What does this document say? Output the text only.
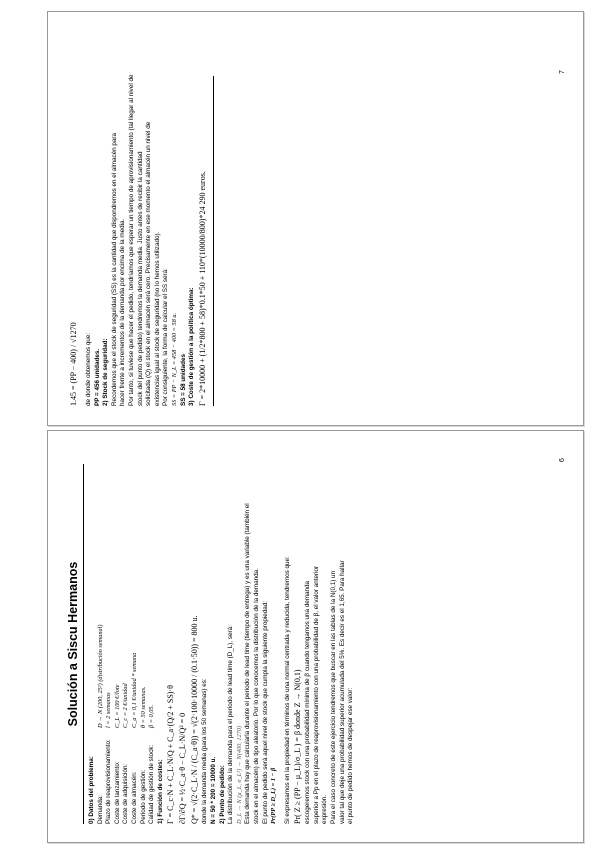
1.45 = (PP − 400) / √1270	de donde obtenemos que: PP = 456 unidades. 2) Stock de seguridad: Recordemos que el stock de seguridad (SS) es la cantidad que dispondremos en el almacén para hacer frente a incrementos de la demanda por encima de la media. Por tanto, si tuviese que hacer el pedido, tendríamos que esperar un tiempo de aprovisionamiento (tal llegar al nivel de stock del punto de pedido) tendremos la demanda media. Justo antes de recibir la cantidad solicitada (Q) el stock en el almacén será cero. Precisamente en ese momento el almacén un nivel de existencias igual al stock de seguridad (no lo hemos utilizado). Por consiguiente, la forma de calcular el SS será: SS = PP − N_L = 458 − 400 = 58 u. SS = 58 unidades 3) Coste de gestión a la política óptima: Γ = 2*10000 + (1/2*800 + 58)*0.1*50 + 110*(10000/800)*24 290 euros.
7
Solución a Siscu Hermanos
0) Datos del problema: Demanda:
D → N (200, 25²) (distribución semanal)
Plazo de reaprovisionamiento:
l = 2 semanas
Coste de lanzamiento:
C_L = 100 €/lote
Coste de adquisición:
C_c = 2 €/unidad
Coste de almacén:
C_a = 0,1 €/unidad * semana
Periodo de gestión:
θ = 50 semanas.
Calidad de gestión de stock:
β = 0,05.
1) Función de costes: Γ = C_c·N + C_L·N/Q + C_a·(Q/2 + SS)·θ ∂Γ/∂Q = ½·C_a·θ − C_L·N/Q² = 0 Q* = √(2·C_L·N / (C_a·θ)) = √(2·100·10000 / (0.1·50)) = 800 u. donde la demanda media (para los 50 semanas) es: N = 50 * 200 = 10000 u. 2) Punto de pedido: La distribución de la demanda para el periodo de lead time (D_L), será: D_L → N (μ_L, σ_L²) → N(400, 1270) Esta demanda hay que calcularla durante el periodo de lead time (tiempo de entrega) y es una variable (también el stock en el almacén) de tipo aleatorio. Por lo que conocemos la distribución de la demanda. El punto de pedido será aquel nivel de stock que cumpla la siguiente propiedad: Pr(PP ≥ D_L) = 1 − β Si expresamos en la propiedad en términos de una normal centrada y reducida, tendremos que: Pr( Z ≥ (PP − μ_L)/σ_L ) = β donde Z → N(0,1) escogeremos stock con una probabilidad mínima de β cuando tengamos una demanda superior a Pp en el plazo de reaprovisionamiento con una probabilidad de β, el valor anterior expresión. Para el caso concreto de este ejercicio tendremos que buscar en las tablas de la N(0,1) un valor tal que deje una probabilidad superior acumulada del 5%. Es decir es el 1,65. Para hallar el punto de pedido hemos de despejar ese valor:
6
